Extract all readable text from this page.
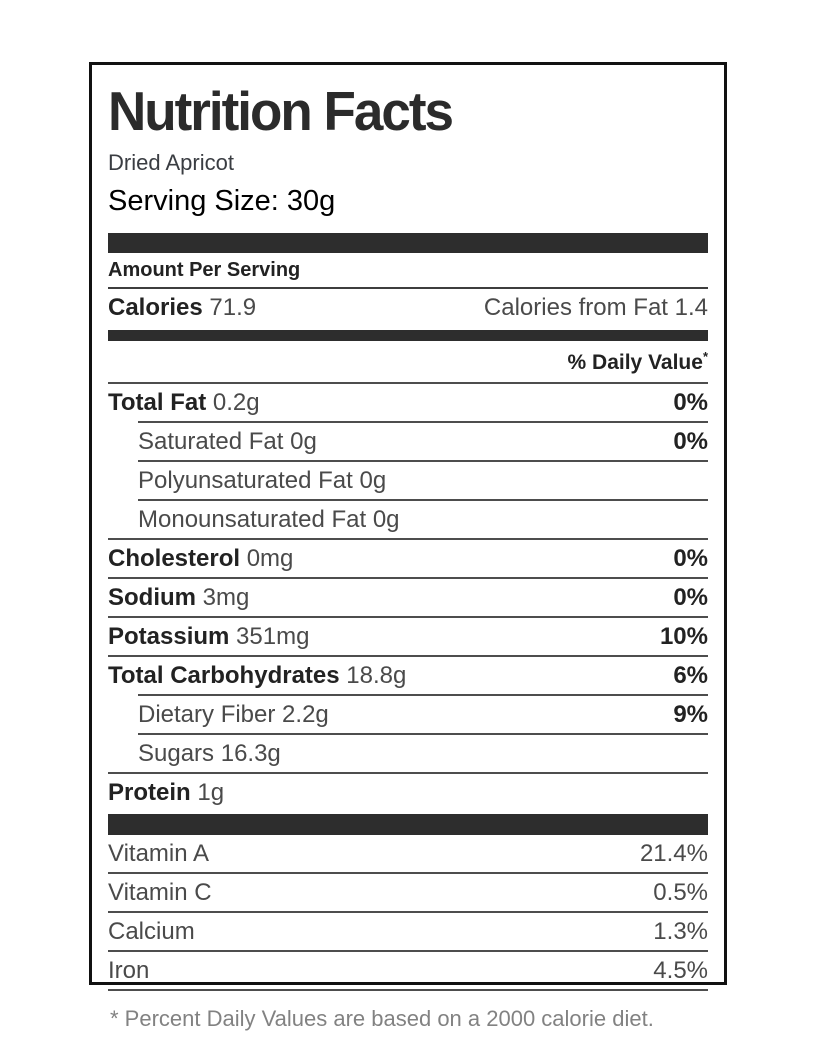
Nutrition Facts
Dried Apricot
Serving Size: 30g
Amount Per Serving
Calories 71.9	Calories from Fat 1.4
% Daily Value*
Total Fat 0.2g	0%
Saturated Fat 0g	0%
Polyunsaturated Fat 0g
Monounsaturated Fat 0g
Cholesterol 0mg	0%
Sodium 3mg	0%
Potassium 351mg	10%
Total Carbohydrates 18.8g	6%
Dietary Fiber 2.2g	9%
Sugars 16.3g
Protein 1g
Vitamin A	21.4%
Vitamin C	0.5%
Calcium	1.3%
Iron	4.5%
* Percent Daily Values are based on a 2000 calorie diet.
